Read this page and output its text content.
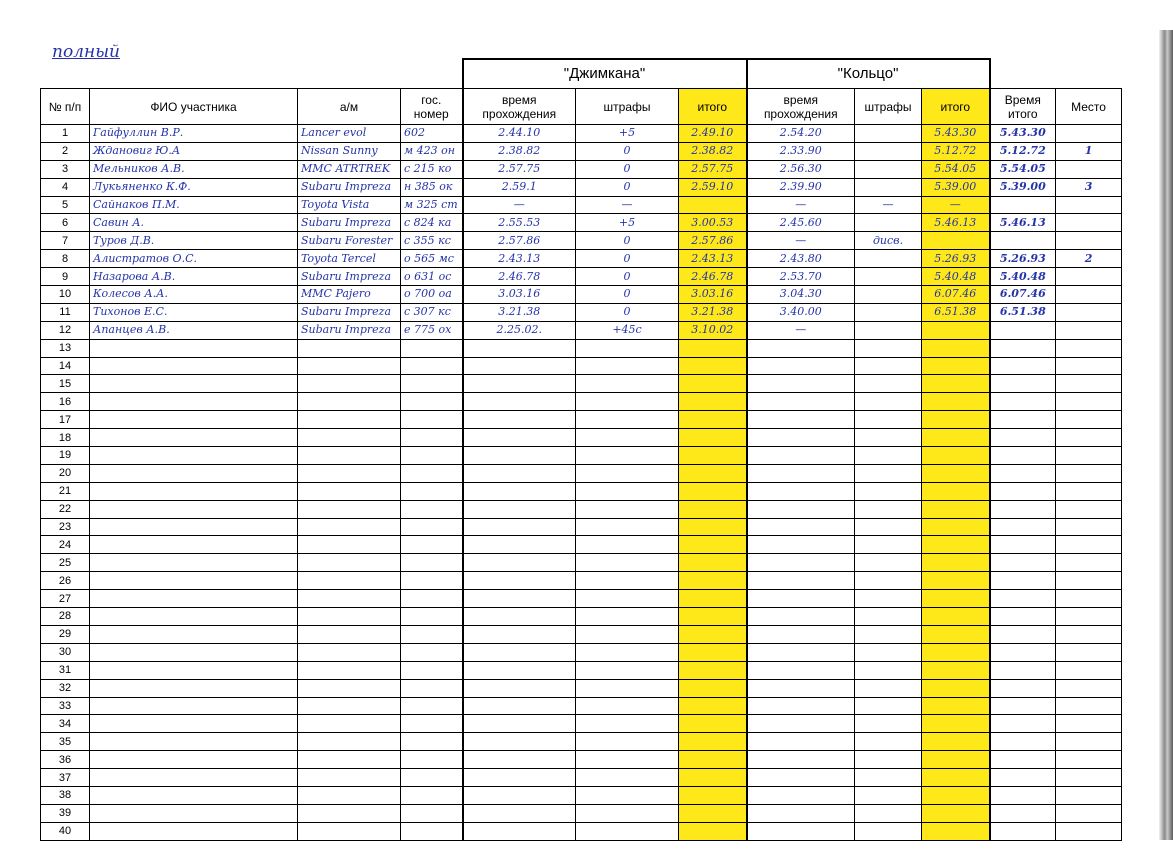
полный
				"Джимкана"			"Кольцо"				
№ п/п	ФИО участника	а/м	гос. номер	время прохождения	штрафы	итого	время прохождения	штрафы	итого	Время итого	Место
1	Гайфуллин В.Р.	Lancer evol	602	2.44.10	+5	2.49.10	2.54.20		5.43.30	5.43.30	
2	Ждановиг Ю.А	Nissan Sunny	м 423 он	2.38.82	0	2.38.82	2.33.90		5.12.72	5.12.72	1
3	Мельников А.В.	MMC ATRTREK	с 215 ко	2.57.75	0	2.57.75	2.56.30		5.54.05	5.54.05	
4	Лукьяненко К.Ф.	Subaru Impreza	н 385 ок	2.59.1	0	2.59.10	2.39.90		5.39.00	5.39.00	3
5	Сайнаков П.М.	Toyota Vista	м 325 ст	—	—		—	—	—		
6	Савин А.	Subaru Impreza	с 824 ка	2.55.53	+5	3.00.53	2.45.60		5.46.13	5.46.13	
7	Туров Д.В.	Subaru Forester	с 355 кс	2.57.86	0	2.57.86	—	дисв.			
8	Алистратов О.С.	Toyota Tercel	о 565 мс	2.43.13	0	2.43.13	2.43.80		5.26.93	5.26.93	2
9	Назарова А.В.	Subaru Impreza	о 631 ос	2.46.78	0	2.46.78	2.53.70		5.40.48	5.40.48	
10	Колесов А.А.	MMC Pajero	о 700 оа	3.03.16	0	3.03.16	3.04.30		6.07.46	6.07.46	
11	Тихонов Е.С.	Subaru Impreza	с 307 кс	3.21.38	0	3.21.38	3.40.00		6.51.38	6.51.38	
12	Апанцев А.В.	Subaru Impreza	е 775 ох	2.25.02.	+45с	3.10.02	—				
13											
14											
15											
16											
17											
18											
19											
20											
21											
22											
23											
24											
25											
26											
27											
28											
29											
30											
31											
32											
33											
34											
35											
36											
37											
38											
39											
40											
